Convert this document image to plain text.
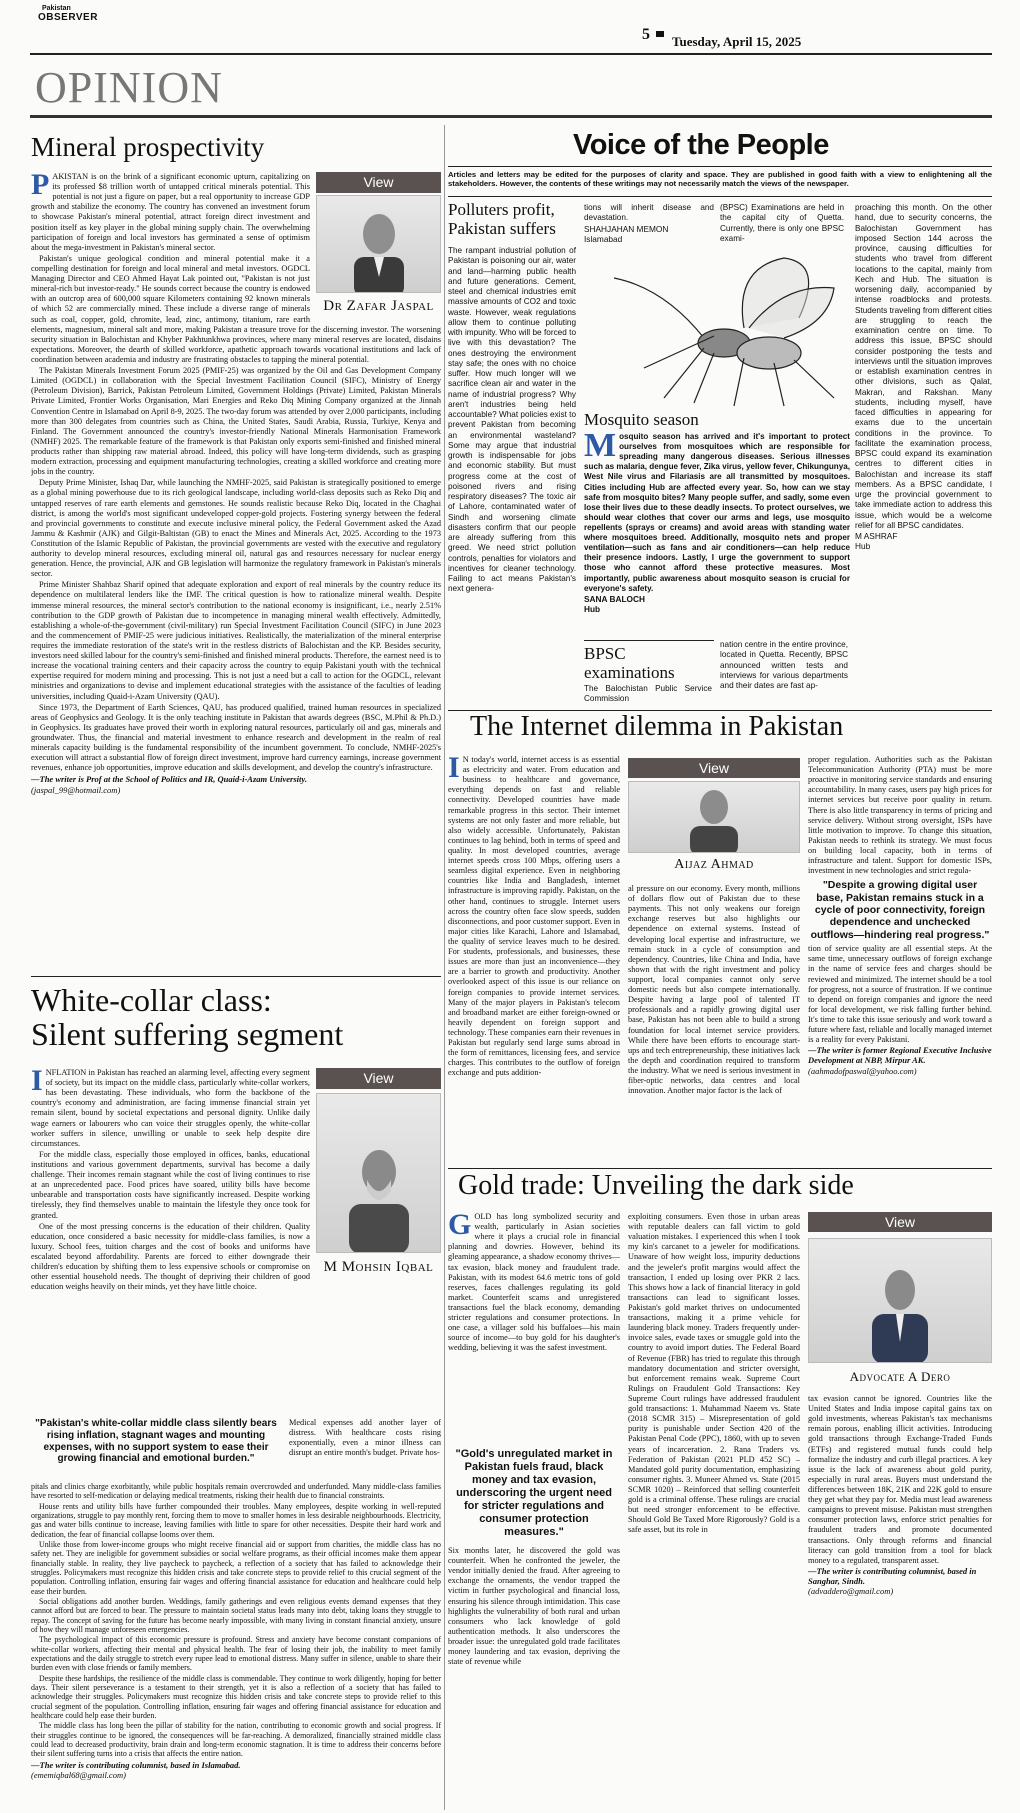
Pakistan
OBSERVER
5 Tuesday, April 15, 2025
OPINION
Mineral prospectivity
View
Dr Zafar Jaspal

PAKISTAN is on the brink of a significant economic upturn, capitalizing on its professed $8 trillion worth of untapped critical minerals potential. This potential is not just a figure on paper, but a real opportunity to increase GDP growth and stabilize the economy. The country has convened an investment forum to showcase Pakistan's mineral potential, attract foreign direct investment and position itself as key player in the global mining supply chain. The overwhelming participation of foreign and local investors has germinated a sense of optimism about the mega-investment in Pakistan's mineral sector.

Pakistan's unique geological condition and mineral potential make it a compelling destination for foreign and local mineral and metal investors. OGDCL Managing Director and CEO Ahmed Hayat Lak pointed out, "Pakistan is not just mineral-rich but investor-ready." He sounds correct because the country is endowed with an outcrop area of 600,000 square Kilometers containing 92 known minerals of which 52 are commercially mined. These include a diverse range of minerals such as coal, copper, gold, chromite, lead, zinc, antimony, titanium, rare earth elements, magnesium, mineral salt and more, making Pakistan a treasure trove for the discerning investor. The worsening security situation in Balochistan and Khyber Pakhtunkhwa provinces, where many mineral reserves are located, disdains expectations. Moreover, the dearth of skilled workforce, apathetic approach towards vocational institutions and lack of coordination between academia and industry are frustrating obstacles to tapping the mineral potential.

The Pakistan Minerals Investment Forum 2025 (PMIF-25) was organized by the Oil and Gas Development Company Limited (OGDCL) in collaboration with the Special Investment Facilitation Council (SIFC), Ministry of Energy (Petroleum Division), Barrick, Pakistan Petroleum Limited, Government Holdings (Private) Limited, Pakistan Minerals Private Limited, Frontier Works Organisation, Mari Energies and Reko Diq Mining Company organized at the Jinnah Convention Centre in Islamabad on April 8-9, 2025. The two-day forum was attended by over 2,000 participants, including more than 300 delegates from countries such as China, the United States, Saudi Arabia, Russia, Turkiye, Kenya and Finland. The Government announced the country's investor-friendly National Minerals Harmonisation Framework (NMHF) 2025. The remarkable feature of the framework is that Pakistan only exports semi-finished and finished mineral products rather than shipping raw material abroad. Indeed, this policy will have long-term dividends, such as grasping modern extraction, processing and equipment manufacturing technologies, creating a skilled workforce and creating more jobs in the country.

Deputy Prime Minister, Ishaq Dar, while launching the NMHF-2025, said Pakistan is strategically positioned to emerge as a global mining powerhouse due to its rich geological landscape, including world-class deposits such as Reko Diq and untapped reserves of rare earth elements and gemstones. He sounds realistic because Reko Diq, located in the Chaghai district, is among the world's most significant undeveloped copper-gold projects. Fostering synergy between the federal and provincial governments to constitute and execute inclusive mineral policy, the Federal Government asked the Azad Jammu & Kashmir (AJK) and Gilgit-Baltistan (GB) to enact the Mines and Minerals Act, 2025. According to the 1973 Constitution of the Islamic Republic of Pakistan, the provincial governments are vested with the executive and regulatory authority to develop mineral resources, excluding mineral oil, natural gas and resources necessary for nuclear energy generation. Hence, the provincial, AJK and GB legislation will harmonize the regulatory framework in Pakistan's minerals sector.

Prime Minister Shahbaz Sharif opined that adequate exploration and export of real minerals by the country reduce its dependence on multilateral lenders like the IMF. The critical question is how to rationalize mineral wealth. Despite immense mineral resources, the mineral sector's contribution to the national economy is insignificant, i.e., nearly 2.51% contribution to the GDP growth of Pakistan due to incompetence in managing mineral wealth effectively. Admittedly, establishing a whole-of-the-government (civil-military) run Special Investment Facilitation Council (SIFC) in June 2023 and the commencement of PMIF-25 were judicious initiatives. Realistically, the materialization of the mineral enterprise requires the immediate restoration of the state's writ in the restless districts of Balochistan and the KP. Besides security, investors need skilled labour for the country's semi-finished and finished mineral products. Therefore, the earnest need is to increase the vocational training centers and their capacity across the country to equip Pakistani youth with the technical expertise required for modern mining and processing. This is not just a need but a call to action for the OGDCL, relevant ministries and organizations to devise and implement educational strategies with the assistance of the faculties of leading universities, including Quaid-i-Azam University (QAU).

Since 1973, the Department of Earth Sciences, QAU, has produced qualified, trained human resources in specialized areas of Geophysics and Geology. It is the only teaching institute in Pakistan that awards degrees (BSC, M.Phil & Ph.D.) in Geophysics. Its graduates have proved their worth in exploring natural resources, particularly oil and gas, minerals and groundwater. Thus, the financial and material investment to enhance research and development in the realm of real minerals capacity building is the fundamental responsibility of the incumbent government. To conclude, NMHF-2025's execution will attract a substantial flow of foreign direct investment, improve hard currency earnings, increase government revenues, enhance job opportunities, improve education and skills development, and develop the country's infrastructure.

—The writer is Prof at the School of Politics and IR, Quaid-i-Azam University.
(jaspal_99@hotmail.com)
White-collar class:
Silent suffering segment
View
M Mohsin Iqbal

INFLATION in Pakistan has reached an alarming level, affecting every segment of society, but its impact on the middle class, particularly white-collar workers, has been devastating. These individuals, who form the backbone of the country's economy and administration, are facing immense financial strain yet remain silent, bound by societal expectations and personal dignity. Unlike daily wage earners or labourers who can voice their struggles openly, the white-collar worker suffers in silence, unwilling or unable to seek help despite dire circumstances.

For the middle class, especially those employed in offices, banks, educational institutions and various government departments, survival has become a daily challenge. Their incomes remain stagnant while the cost of living continues to rise at an unprecedented pace. Food prices have soared, utility bills have become unbearable and transportation costs have significantly increased. Despite working tirelessly, they find themselves unable to maintain the lifestyle they once took for granted.

One of the most pressing concerns is the education of their children. Quality education, once considered a basic necessity for middle-class families, is now a luxury. School fees, tuition charges and the cost of books and uniforms have escalated beyond affordability. Parents are forced to either downgrade their children's education by shifting them to less expensive schools or compromise on other essential household needs. The thought of depriving their children of good education weighs heavily on their minds, yet they have little choice.

"Pakistan's white-collar middle class silently bears rising inflation, stagnant wages and mounting expenses, with no support system to ease their growing financial and emotional burden."
Medical expenses add another layer of distress. With healthcare costs rising exponentially, even a minor illness can disrupt an entire month's budget. Private hos-

pitals and clinics charge exorbitantly, while public hospitals remain overcrowded and underfunded. Many middle-class families have resorted to self-medication or delaying medical treatments, risking their health due to financial constraints.

House rents and utility bills have further compounded their troubles. Many employees, despite working in well-reputed organizations, struggle to pay monthly rent, forcing them to move to smaller homes in less desirable neighbourhoods. Electricity, gas and water bills continue to increase, leaving families with little to spare for other necessities. Despite their hard work and dedication, the fear of financial collapse looms over them.

Unlike those from lower-income groups who might receive financial aid or support from charities, the middle class has no safety net. They are ineligible for government subsidies or social welfare programs, as their official incomes make them appear financially stable. In reality, they live paycheck to paycheck, a reflection of a society that has failed to acknowledge their struggles. Policymakers must recognize this hidden crisis and take concrete steps to provide relief to this crucial segment of the population. Controlling inflation, ensuring fair wages and offering financial assistance for education and healthcare could help ease their burden.

Social obligations add another burden. Weddings, family gatherings and even religious events demand expenses that they cannot afford but are forced to bear. The pressure to maintain societal status leads many into debt, taking loans they struggle to repay. The concept of saving for the future has become nearly impossible, with many living in constant financial anxiety, unsure of how they will manage unforeseen emergencies.

The psychological impact of this economic pressure is profound. Stress and anxiety have become constant companions of white-collar workers, affecting their mental and physical health. The fear of losing their job, the inability to meet family expectations and the daily struggle to stretch every rupee lead to emotional distress. Many suffer in silence, unable to share their burden even with close friends or family members.

Despite these hardships, the resilience of the middle class is commendable. They continue to work diligently, hoping for better days. Their silent perseverance is a testament to their strength, yet it is also a reflection of a society that has failed to acknowledge their struggles. Policymakers must recognize this hidden crisis and take concrete steps to provide relief to this crucial segment of the population. Controlling inflation, ensuring fair wages and offering financial assistance for education and healthcare could help ease their burden.

The middle class has long been the pillar of stability for the nation, contributing to economic growth and social progress. If their struggles continue to be ignored, the consequences will be far-reaching. A demoralized, financially strained middle class could lead to decreased productivity, brain drain and long-term economic stagnation. It is time to address their concerns before their silent suffering turns into a crisis that affects the entire nation.

—The writer is contributing columnist, based in Islamabad.
(ememiqbal68@gmail.com)
Voice of the People
Articles and letters may be edited for the purposes of clarity and space. They are published in good faith with a view to enlightening all the stakeholders. However, the contents of these writings may not necessarily match the views of the newspaper.
Polluters profit, Pakistan suffers
The rampant industrial pollution of Pakistan is poisoning our air, water and land—harming public health and future generations. Cement, steel and chemical industries emit massive amounts of CO2 and toxic waste. However, weak regulations allow them to continue polluting with impunity. Who will be forced to live with this devastation? The ones destroying the environment stay safe; the ones with no choice suffer. How much longer will we sacrifice clean air and water in the name of industrial progress? Why aren't industries being held accountable? What policies exist to prevent Pakistan from becoming an environmental wasteland? Some may argue that industrial growth is indispensable for jobs and economic stability. But must progress come at the cost of poisoned rivers and rising respiratory diseases? The toxic air of Lahore, contaminated water of Sindh and worsening climate disasters confirm that our people are already suffering from this greed. We need strict pollution controls, penalties for violators and incentives for cleaner technology. Failing to act means Pakistan's next genera-
tions will inherit disease and devastation.
SHAHJAHAN MEMON
Islamabad
Mosquito season
Mosquito season has arrived and it's important to protect ourselves from mosquitoes which are responsible for spreading many dangerous diseases. Serious illnesses such as malaria, dengue fever, Zika virus, yellow fever, Chikungunya, West Nile virus and Filariasis are all transmitted by mosquitoes. Cities including Hub are affected every year. So, how can we stay safe from mosquito bites? Many people suffer, and sadly, some even lose their lives due to these deadly insects. To protect ourselves, we should wear clothes that cover our arms and legs, use mosquito repellents (sprays or creams) and avoid areas with standing water where mosquitoes breed. Additionally, mosquito nets and proper ventilation—such as fans and air conditioners—can help reduce their presence indoors. Lastly, I urge the government to support those who cannot afford these protective measures. Most importantly, public awareness about mosquito season is crucial for everyone's safety.
SANA BALOCH
Hub
BPSC examinations
The Balochistan Public Service Commission
(BPSC) Examinations are held in the capital city of Quetta. Currently, there is only one BPSC exami-
nation centre in the entire province, located in Quetta. Recently, BPSC announced written tests and interviews for various departments and their dates are fast ap-
proaching this month. On the other hand, due to security concerns, the Balochistan Government has imposed Section 144 across the province, causing difficulties for students who travel from different locations to the capital, mainly from Kech and Hub. The situation is worsening daily, accompanied by intense roadblocks and protests. Students traveling from different cities are struggling to reach the examination centre on time. To address this issue, BPSC should consider postponing the tests and interviews until the situation improves or establish examination centres in other divisions, such as Qalat, Makran, and Rakshan. Many students, including myself, have faced difficulties in appearing for exams due to the uncertain conditions in the province. To facilitate the examination process, BPSC could expand its examination centres to different cities in Balochistan and increase its staff members. As a BPSC candidate, I urge the provincial government to take immediate action to address this issue, which would be a welcome relief for all BPSC candidates.
M ASHRAF
Hub
The Internet dilemma in Pakistan

I N today's world, internet access is as essential as electricity and water. From education and business to healthcare and governance, everything depends on fast and reliable connectivity. Developed countries have made remarkable progress in this sector. Their internet systems are not only faster and more reliable, but also widely accessible. Unfortunately, Pakistan continues to lag behind, both in terms of speed and quality. In most developed countries, average internet speeds cross 100 Mbps, offering users a seamless digital experience. Even in neighboring countries like India and Bangladesh, internet infrastructure is improving rapidly. Pakistan, on the other hand, continues to struggle. Internet users across the country often face slow speeds, sudden disconnections, and poor customer support. Even in major cities like Karachi, Lahore and Islamabad, the quality of service leaves much to be desired. For students, professionals, and businesses, these issues are more than just an inconvenience—they are a barrier to growth and productivity. Another overlooked aspect of this issue is our reliance on foreign companies to provide internet services. Many of the major players in Pakistan's telecom and broadband market are either foreign-owned or heavily dependent on foreign support and technology. These companies earn their revenues in Pakistan but regularly send large sums abroad in the form of remittances, licensing fees, and service charges. This contributes to the outflow of foreign exchange and puts addition-

View
Aijaz Ahmad
al pressure on our economy. Every month, millions of dollars flow out of Pakistan due to these payments. This not only weakens our foreign exchange reserves but also highlights our dependence on external systems. Instead of developing local expertise and infrastructure, we remain stuck in a cycle of consumption and dependency. Countries, like China and India, have shown that with the right investment and policy support, local companies cannot only serve domestic needs but also compete internationally. Despite having a large pool of talented IT professionals and a rapidly growing digital user base, Pakistan has not been able to build a strong foundation for local internet service providers. While there have been efforts to encourage start-ups and tech entrepreneurship, these initiatives lack the depth and coordination required to transform the industry. What we need is serious investment in fiber-optic networks, data centres and local innovation. Another major factor is the lack of
proper regulation. Authorities such as the Pakistan Telecommunication Authority (PTA) must be more proactive in monitoring service standards and ensuring accountability. In many cases, users pay high prices for internet services but receive poor quality in return. There is also little transparency in terms of pricing and service delivery. Without strong oversight, ISPs have little motivation to improve. To change this situation, Pakistan needs to rethink its strategy. We must focus on building local capacity, both in terms of infrastructure and talent. Support for domestic ISPs, investment in new technologies and strict regula-
"Despite a growing digital user base, Pakistan remains stuck in a cycle of poor connectivity, foreign dependence and unchecked outflows—hindering real progress."
tion of service quality are all essential steps. At the same time, unnecessary outflows of foreign exchange in the name of service fees and charges should be reviewed and minimized. The internet should be a tool for progress, not a source of frustration. If we continue to depend on foreign companies and ignore the need for local development, we risk falling further behind. It's time to take this issue seriously and work toward a future where fast, reliable and locally managed internet is a reality for every Pakistani.
—The writer is former Regional Executive Inclusive Development at NBP, Mirpur AK.
(aahmadofpaswal@yahoo.com)
Gold trade: Unveiling the dark side

GOLD has long symbolized security and wealth, particularly in Asian societies where it plays a crucial role in financial planning and dowries. However, behind its gleaming appearance, a shadow economy thrives—tax evasion, black money and fraudulent trade. Pakistan, with its modest 64.6 metric tons of gold reserves, faces challenges regulating its gold market. Counterfeit scams and unregistered transactions fuel the black economy, demanding stricter regulations and consumer protections. In one case, a villager sold his buffaloes—his main source of income—to buy gold for his daughter's wedding, believing it was the safest investment.

"Gold's unregulated market in Pakistan fuels fraud, black money and tax evasion, underscoring the urgent need for stricter regulations and consumer protection measures."
Six months later, he discovered the gold was counterfeit. When he confronted the jeweler, the vendor initially denied the fraud. After agreeing to exchange the ornaments, the vendor trapped the victim in further psychological and financial loss, ensuring his silence through intimidation. This case highlights the vulnerability of both rural and urban consumers who lack knowledge of gold authentication methods. It also underscores the broader issue: the unregulated gold trade facilitates money laundering and tax evasion, depriving the state of revenue while
exploiting consumers. Even those in urban areas with reputable dealers can fall victim to gold valuation mistakes. I experienced this when I took my kin's carcanet to a jeweler for modifications. Unaware of how weight loss, impurity deductions and the jeweler's profit margins would affect the transaction, I ended up losing over PKR 2 lacs. This shows how a lack of financial literacy in gold transactions can lead to significant losses. Pakistan's gold market thrives on undocumented transactions, making it a prime vehicle for laundering black money. Traders frequently under-invoice sales, evade taxes or smuggle gold into the country to avoid import duties. The Federal Board of Revenue (FBR) has tried to regulate this through mandatory documentation and stricter oversight, but enforcement remains weak. Supreme Court Rulings on Fraudulent Gold Transactions: Key Supreme Court rulings have addressed fraudulent gold transactions: 1. Muhammad Naeem vs. State (2018 SCMR 315) – Misrepresentation of gold purity is punishable under Section 420 of the Pakistan Penal Code (PPC), 1860, with up to seven years of incarceration. 2. Rana Traders vs. Federation of Pakistan (2021 PLD 452 SC) – Mandated gold purity documentation, emphasizing consumer rights. 3. Muneer Ahmed vs. State (2015 SCMR 1020) – Reinforced that selling counterfeit gold is a criminal offense. These rulings are crucial but need stronger enforcement to be effective. Should Gold Be Taxed More Rigorously? Gold is a safe asset, but its role in
View
Advocate A Dero
tax evasion cannot be ignored. Countries like the United States and India impose capital gains tax on gold investments, whereas Pakistan's tax mechanisms remain porous, enabling illicit activities. Introducing gold transactions through Exchange-Traded Funds (ETFs) and registered mutual funds could help formalize the industry and curb illegal practices. A key issue is the lack of awareness about gold purity, especially in rural areas. Buyers must understand the differences between 18K, 21K and 22K gold to ensure they get what they pay for. Media must lead awareness campaigns to prevent misuse. Pakistan must strengthen consumer protection laws, enforce strict penalties for fraudulent traders and promote documented transactions. Only through reforms and financial literacy can gold transition from a tool for black money to a regulated, transparent asset.
—The writer is contributing columnist, based in Sanghar, Sindh.
(advaddero@gmail.com)
